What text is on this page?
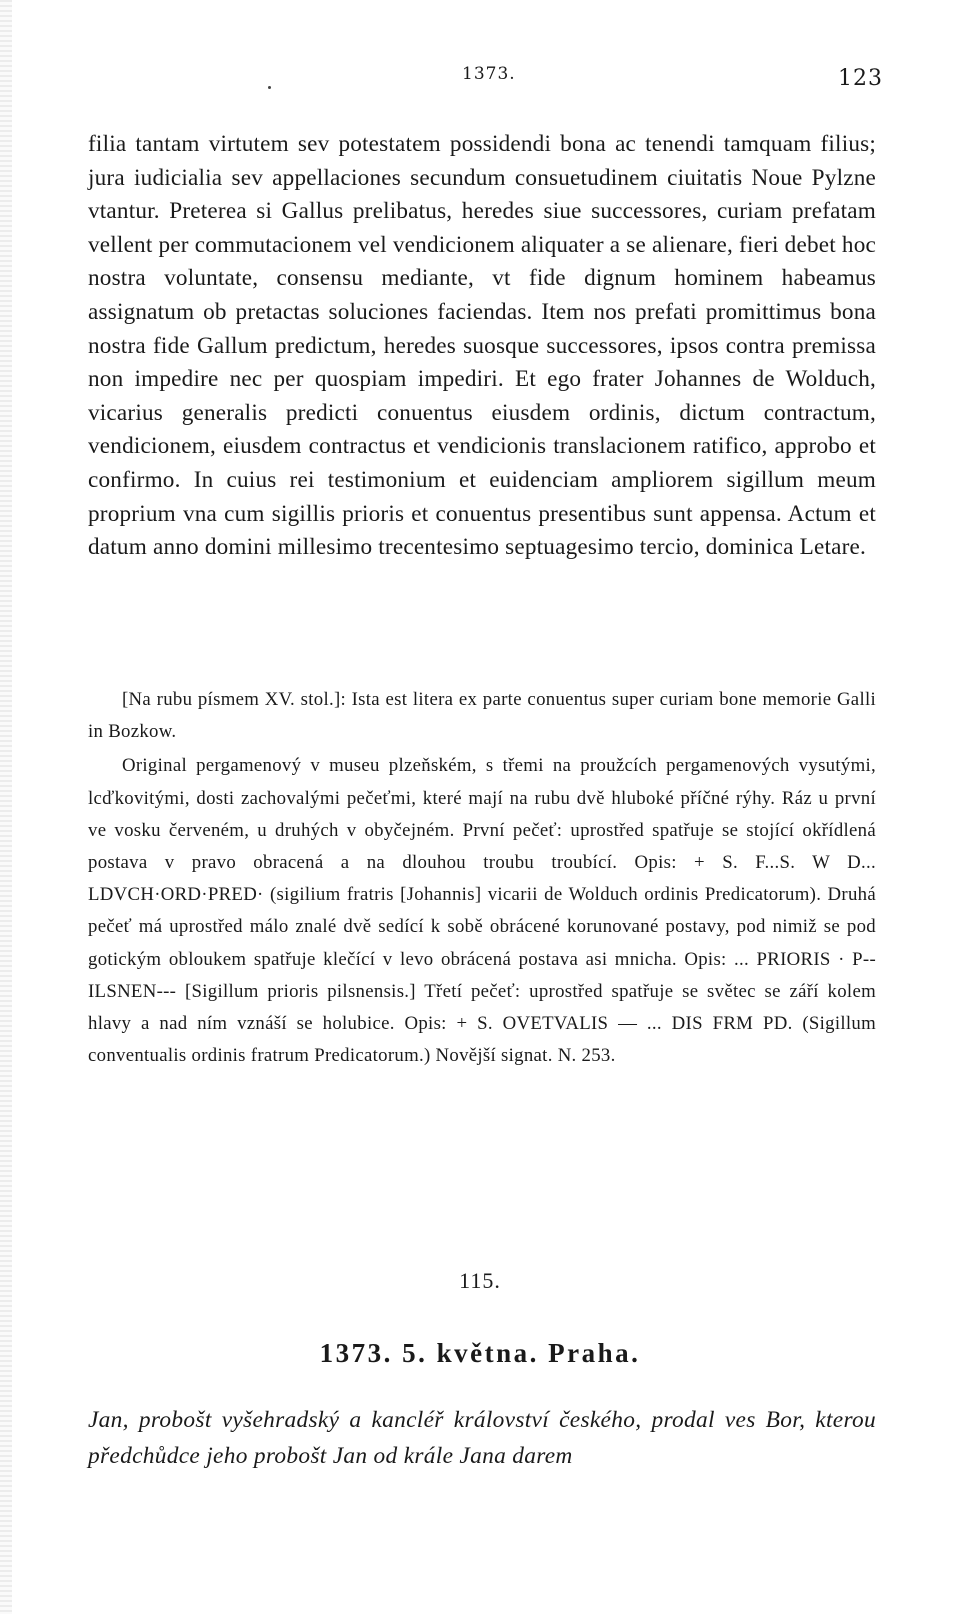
1373.	123

filia tantam virtutem sev potestatem possidendi bona ac tenendi tamquam filius; jura iudicialia sev appellaciones secundum consuetudinem ciuitatis Noue Pylzne vtantur. Preterea si Gallus prelibatus, heredes siue successores, curiam prefatam vellent per commutacionem vel vendicionem aliquater a se alienare, fieri debet hoc nostra voluntate, consensu mediante, vt fide dignum hominem habeamus assignatum ob pretactas soluciones faciendas. Item nos prefati promittimus bona nostra fide Gallum predictum, heredes suosque successores, ipsos contra premissa non impedire nec per quospiam impediri. Et ego frater Johannes de Wolduch, vicarius generalis predicti conuentus eiusdem ordinis, dictum contractum, vendicionem, eiusdem contractus et vendicionis translacionem ratifico, approbo et confirmo. In cuius rei testimonium et euidenciam ampliorem sigillum meum proprium vna cum sigillis prioris et conuentus presentibus sunt appensa. Actum et datum anno domini millesimo trecentesimo septuagesimo tercio, dominica Letare.

[Na rubu písmem XV. stol.]: Ista est litera ex parte conuentus super curiam bone memorie Galli in Bozkow.

Original pergamenový v museu plzeňském, s třemi na proužcích pergamenových vysutými, lcďkovitými, dosti zachovalými pečeťmi, které mají na rubu dvě hluboké příčné rýhy. Ráz u první ve vosku červeném, u druhých v obyčejném. První pečeť: uprostřed spatřuje se stojící okřídlená postava v pravo obracená a na dlouhou troubu troubící. Opis: + S. F...S. W D... LDVCH·ORD·PRED· (sigilium fratris [Johannis] vicarii de Wolduch ordinis Predicatorum). Druhá pečeť má uprostřed málo znalé dvě sedící k sobě obrácené korunované postavy, pod nimiž se pod gotickým obloukem spatřuje klečící v levo obrácená postava asi mnicha. Opis: ... PRIORIS · P--ILSNEN--- [Sigillum prioris pilsnensis.] Třetí pečeť: uprostřed spatřuje se světec se září kolem hlavy a nad ním vznáší se holubice. Opis: + S. OVETVALIS — ... DIS FRM PD. (Sigillum conventualis ordinis fratrum Predicatorum.) Novější signat. N. 253.

115.
1373. 5. května. Praha.

Jan, probošt vyšehradský a kancléř království českého, prodal ves Bor, kterou předchůdce jeho probošt Jan od krále Jana darem
